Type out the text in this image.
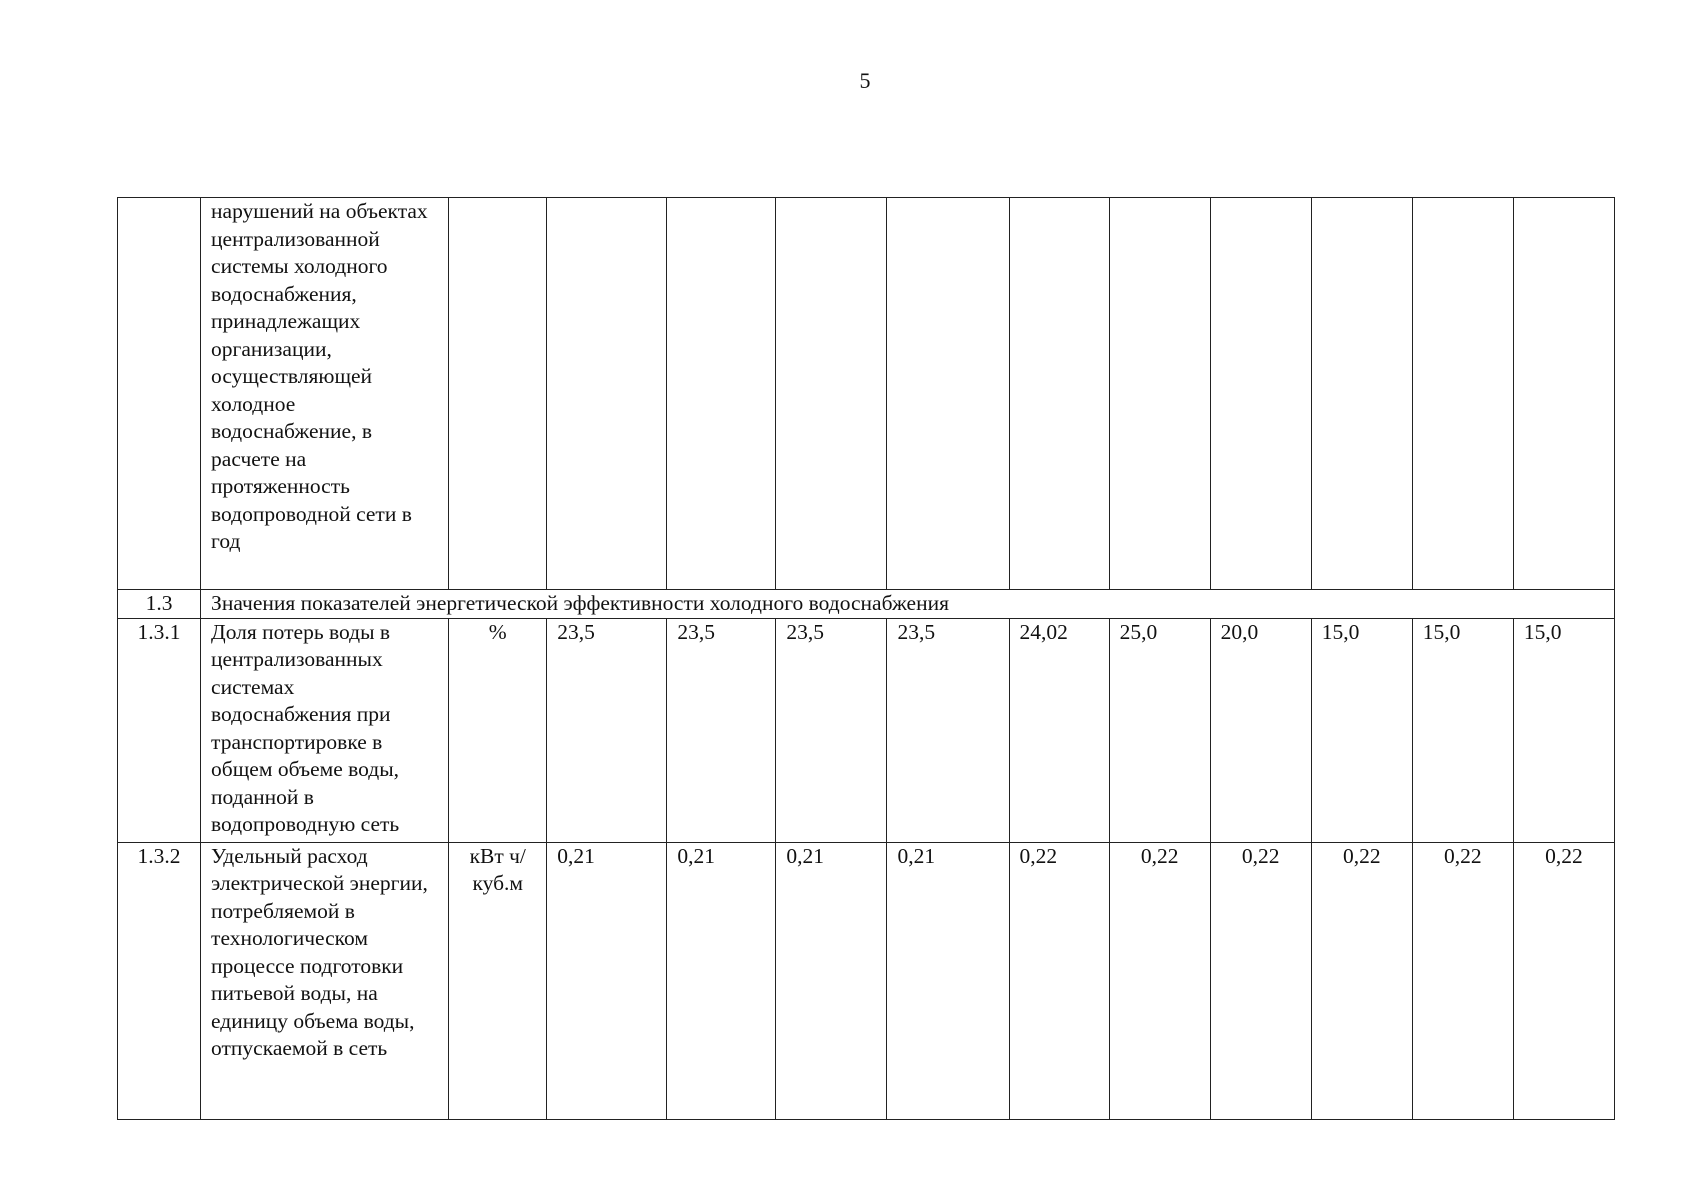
5
	нарушений на объектах централизованной системы холодного водоснабжения, принадлежащих организации, осуществляющей холодное водоснабжение, в расчете на протяженность водопроводной сети в год											
1.3	Значения показателей энергетической эффективности холодного водоснабжения											
1.3.1	Доля потерь воды в централизованных системах водоснабжения при транспортировке в общем объеме воды, поданной в водопроводную сеть	%	23,5	23,5	23,5	23,5	24,02	25,0	20,0	15,0	15,0	15,0
1.3.2	Удельный расход электрической энергии, потребляемой в технологическом процессе подготовки питьевой воды, на единицу объема воды, отпускаемой в сеть	кВт ч/куб.м	0,21	0,21	0,21	0,21	0,22	0,22	0,22	0,22	0,22	0,22
